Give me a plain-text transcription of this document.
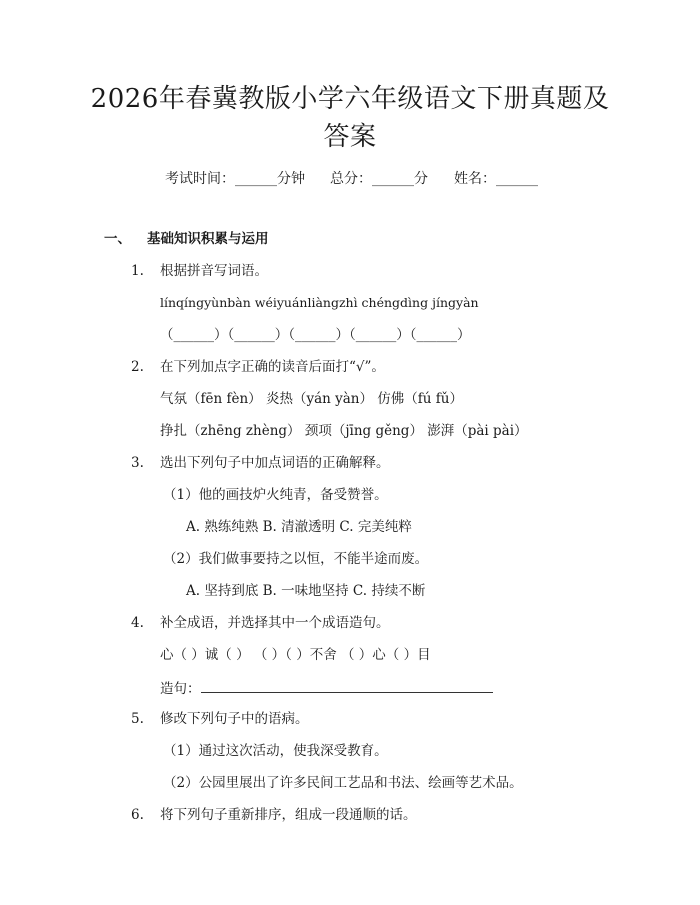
2026年春冀教版小学六年级语文下册真题及
答案
考试时间：______分钟 总分：______分 姓名：______
一、 基础知识积累与运用
1. 根据拼音写词语。
línqíngyùnbàn wéiyuánliàngzhì chéngdìng jíngyàn
（______）（______）（______）（______）（______）
2. 在下列加点字正确的读音后面打“√”。
气氛（fēn fèn） 炎热（yán yàn） 仿佛（fú fǔ）
挣扎（zhēng zhèng） 颈项（jīng gěng） 澎湃（pài pài）
3. 选出下列句子中加点词语的正确解释。
（1）他的画技炉火纯青，备受赞誉。
A. 熟练纯熟 B. 清澈透明 C. 完美纯粹
（2）我们做事要持之以恒，不能半途而废。
A. 坚持到底 B. 一味地坚持 C. 持续不断
4. 补全成语，并选择其中一个成语造句。
心（ ）诚（ ） （ ）（ ）不舍 （ ）心（ ）目
造句：
5. 修改下列句子中的语病。
（1）通过这次活动，使我深受教育。
（2）公园里展出了许多民间工艺品和书法、绘画等艺术品。
6. 将下列句子重新排序，组成一段通顺的话。
